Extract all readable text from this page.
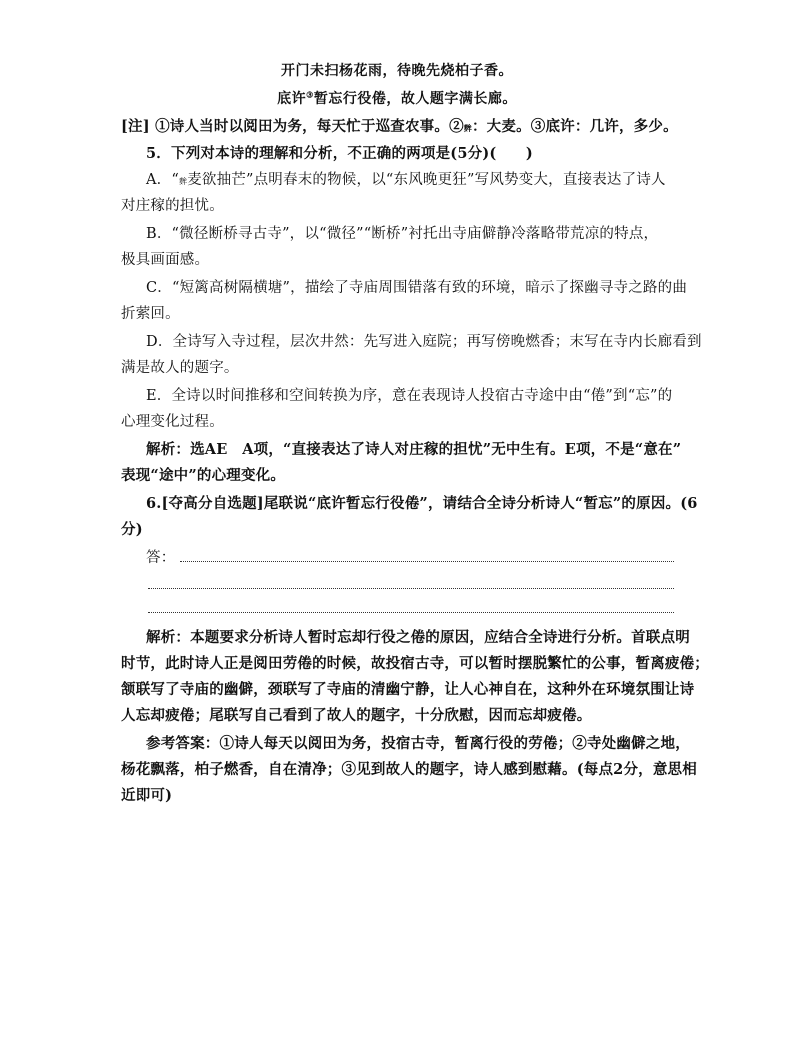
开门未扫杨花雨，待晚先烧柏子香。
底许③暂忘行役倦，故人题字满长廊。
[注] ①诗人当时以阅田为务，每天忙于巡查农事。②麰：大麦。③底许：几许，多少。
5．下列对本诗的理解和分析，不正确的两项是(5分)(　　)
A．“麰麦欲抽芒”点明春末的物候，以“东风晚更狂”写风势变大，直接表达了诗人
对庄稼的担忧。
B．“微径断桥寻古寺”，以“微径”“断桥”衬托出寺庙僻静冷落略带荒凉的特点，
极具画面感。
C．“短篱高树隔横塘”，描绘了寺庙周围错落有致的环境，暗示了探幽寻寺之路的曲
折萦回。
D．全诗写入寺过程，层次井然：先写进入庭院；再写傍晚燃香；末写在寺内长廊看到
满是故人的题字。
E．全诗以时间推移和空间转换为序，意在表现诗人投宿古寺途中由“倦”到“忘”的
心理变化过程。
解析：选AE　A项，“直接表达了诗人对庄稼的担忧”无中生有。E项，不是“意在”
表现“途中”的心理变化。
6.[夺高分自选题]尾联说“底许暂忘行役倦”，请结合全诗分析诗人“暂忘”的原因。(6
分)
答：
解析：本题要求分析诗人暂时忘却行役之倦的原因，应结合全诗进行分析。首联点明
时节，此时诗人正是阅田劳倦的时候，故投宿古寺，可以暂时摆脱繁忙的公事，暂离疲倦；
颔联写了寺庙的幽僻，颈联写了寺庙的清幽宁静，让人心神自在，这种外在环境氛围让诗
人忘却疲倦；尾联写自己看到了故人的题字，十分欣慰，因而忘却疲倦。
参考答案：①诗人每天以阅田为务，投宿古寺，暂离行役的劳倦；②寺处幽僻之地，
杨花飘落，柏子燃香，自在清净；③见到故人的题字，诗人感到慰藉。(每点2分，意思相
近即可)
